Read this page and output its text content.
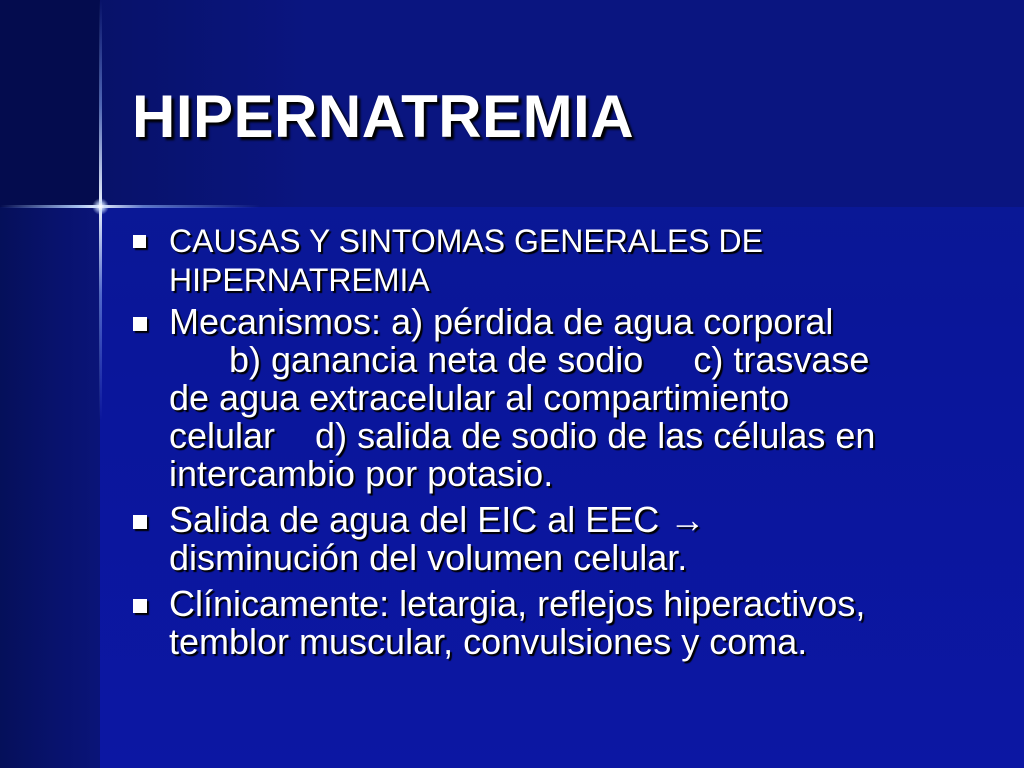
HIPERNATREMIA
CAUSAS Y SINTOMAS GENERALES DE
HIPERNATREMIA
Mecanismos: a) pérdida de agua corporal
b) ganancia neta de sodio     c) trasvase
de agua extracelular al compartimiento
celular    d) salida de sodio de las células en
intercambio por potasio.
Salida de agua del EIC al EEC →
disminución del volumen celular.
Clínicamente: letargia, reflejos hiperactivos,
temblor muscular, convulsiones y coma.
